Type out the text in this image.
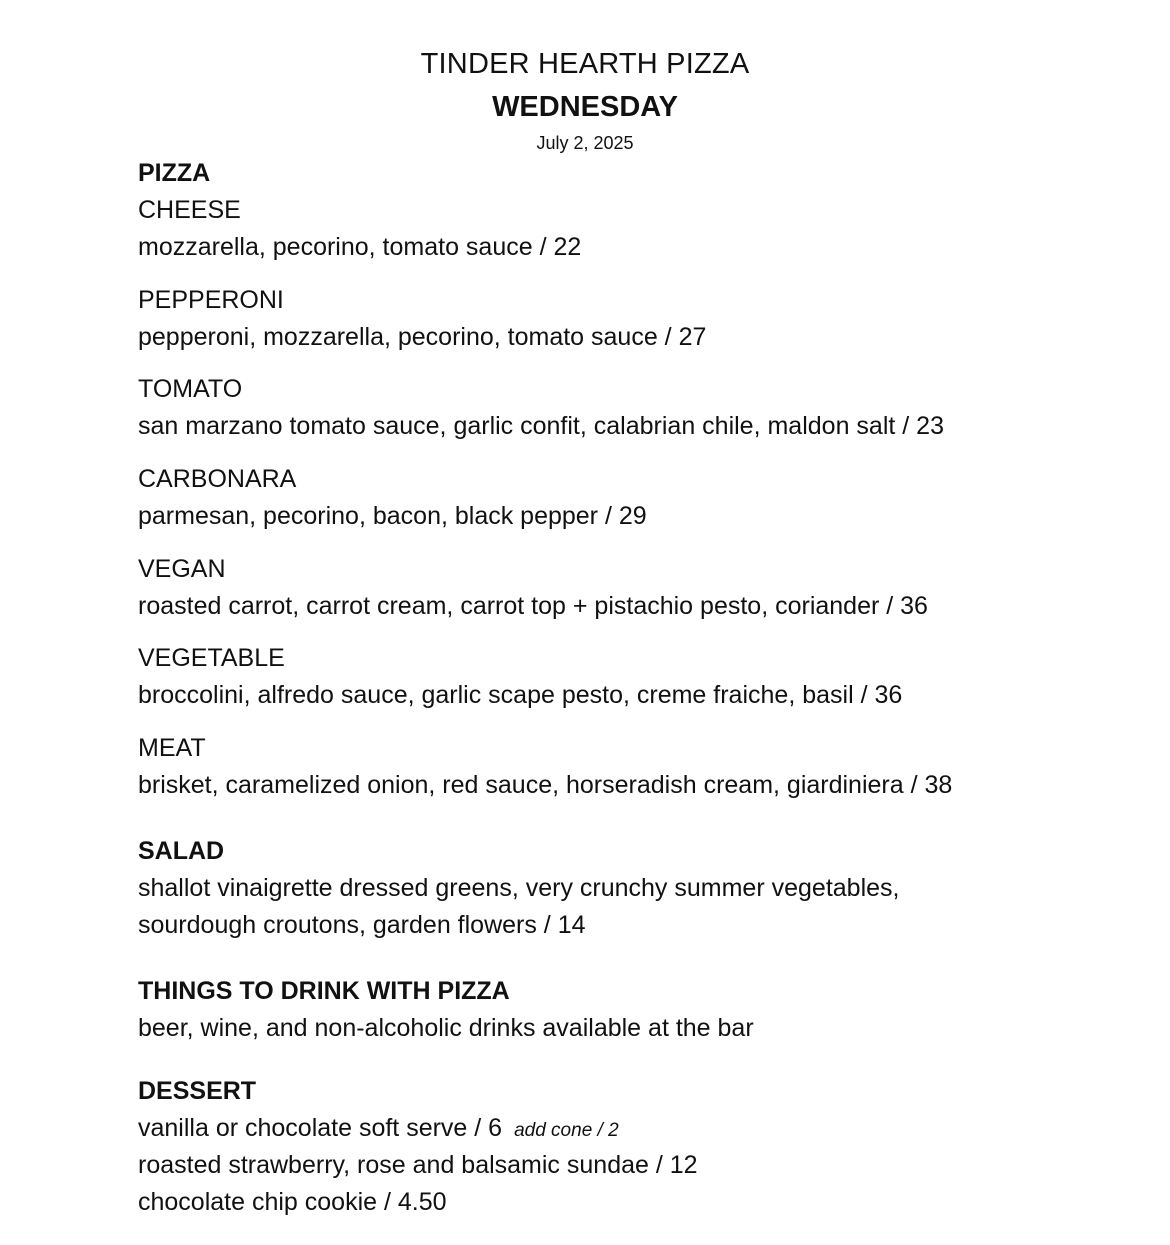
TINDER HEARTH PIZZA
WEDNESDAY
July 2, 2025
PIZZA
CHEESE
mozzarella, pecorino, tomato sauce / 22
PEPPERONI
pepperoni, mozzarella, pecorino, tomato sauce / 27
TOMATO
san marzano tomato sauce, garlic confit, calabrian chile, maldon salt / 23
CARBONARA
parmesan, pecorino, bacon, black pepper / 29
VEGAN
roasted carrot, carrot cream, carrot top + pistachio pesto, coriander / 36
VEGETABLE
broccolini, alfredo sauce, garlic scape pesto, creme fraiche, basil / 36
MEAT
brisket, caramelized onion, red sauce, horseradish cream, giardiniera / 38
SALAD
shallot vinaigrette dressed greens, very crunchy summer vegetables,
sourdough croutons, garden flowers / 14
THINGS TO DRINK WITH PIZZA
beer, wine, and non-alcoholic drinks available at the bar
DESSERT
vanilla or chocolate soft serve / 6 add cone / 2
roasted strawberry, rose and balsamic sundae / 12
chocolate chip cookie / 4.50
